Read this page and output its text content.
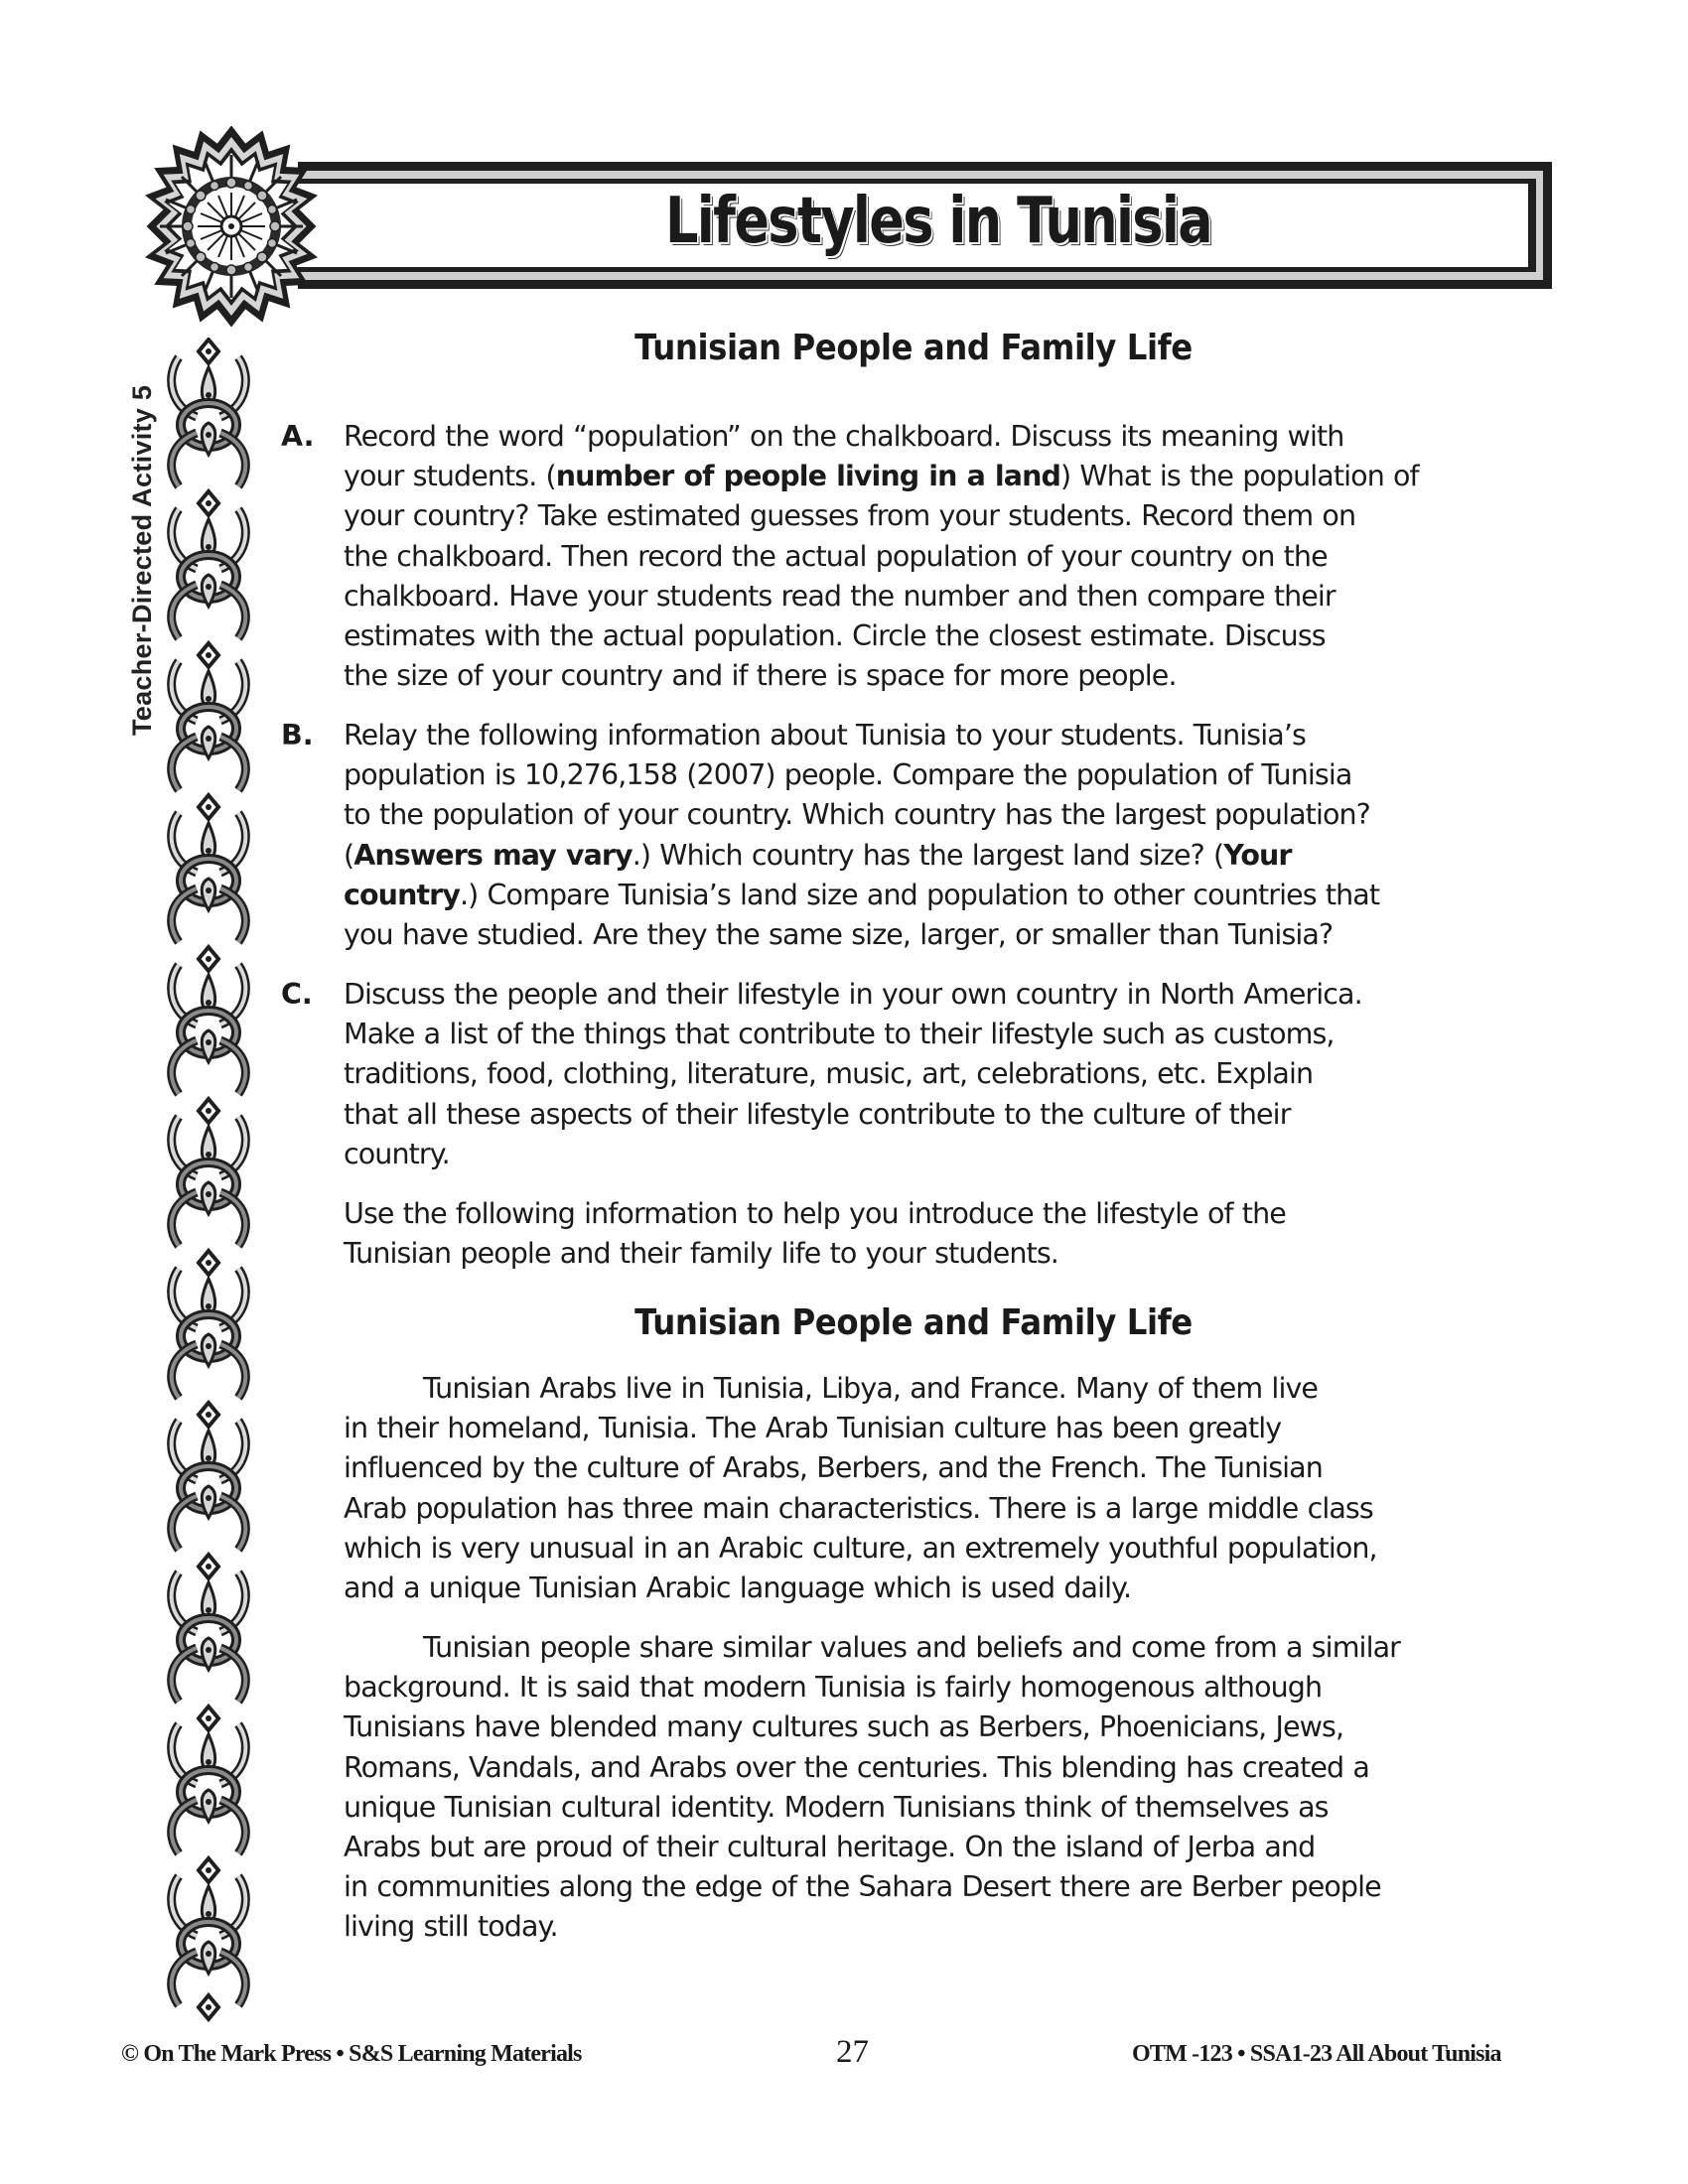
Lifestyles in Tunisia
Teacher-Directed Activity 5
Tunisian People and Family Life
A. Record the word “population” on the chalkboard. Discuss its meaning with
your students. (number of people living in a land) What is the population of
your country? Take estimated guesses from your students. Record them on
the chalkboard. Then record the actual population of your country on the
chalkboard. Have your students read the number and then compare their
estimates with the actual population. Circle the closest estimate. Discuss
the size of your country and if there is space for more people.
B. Relay the following information about Tunisia to your students. Tunisia’s
population is 10,276,158 (2007) people. Compare the population of Tunisia
to the population of your country. Which country has the largest population?
(Answers may vary.) Which country has the largest land size? (Your
country.) Compare Tunisia’s land size and population to other countries that
you have studied. Are they the same size, larger, or smaller than Tunisia?
C. Discuss the people and their lifestyle in your own country in North America.
Make a list of the things that contribute to their lifestyle such as customs,
traditions, food, clothing, literature, music, art, celebrations, etc. Explain
that all these aspects of their lifestyle contribute to the culture of their
country.
Use the following information to help you introduce the lifestyle of the
Tunisian people and their family life to your students.
Tunisian People and Family Life
Tunisian Arabs live in Tunisia, Libya, and France. Many of them live
in their homeland, Tunisia. The Arab Tunisian culture has been greatly
influenced by the culture of Arabs, Berbers, and the French. The Tunisian
Arab population has three main characteristics. There is a large middle class
which is very unusual in an Arabic culture, an extremely youthful population,
and a unique Tunisian Arabic language which is used daily.
Tunisian people share similar values and beliefs and come from a similar
background. It is said that modern Tunisia is fairly homogenous although
Tunisians have blended many cultures such as Berbers, Phoenicians, Jews,
Romans, Vandals, and Arabs over the centuries. This blending has created a
unique Tunisian cultural identity. Modern Tunisians think of themselves as
Arabs but are proud of their cultural heritage. On the island of Jerba and
in communities along the edge of the Sahara Desert there are Berber people
living still today.
© On The Mark Press • S&S Learning Materials	27	OTM -123 • SSA1-23 All About Tunisia
